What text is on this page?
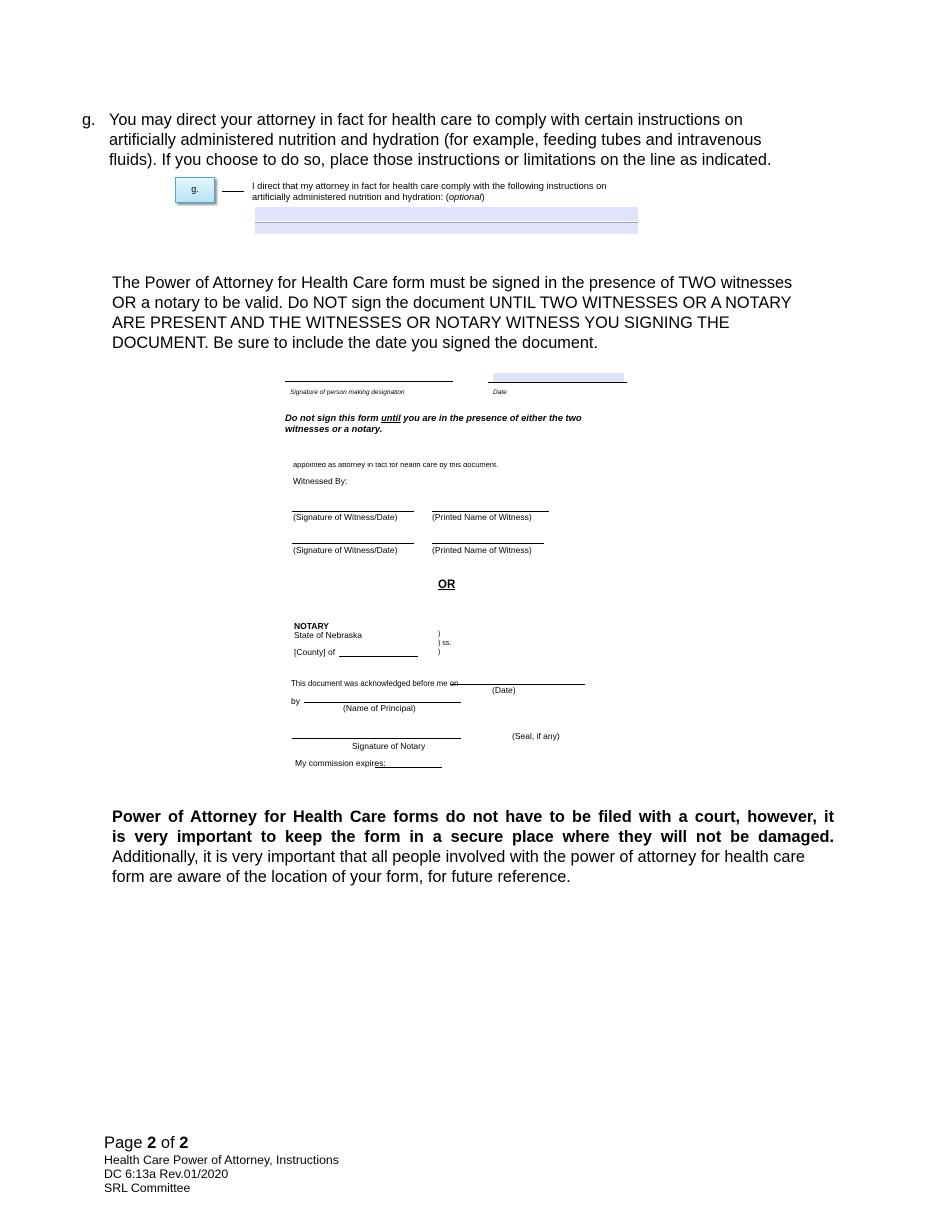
g. You may direct your attorney in fact for health care to comply with certain instructions on
artificially administered nutrition and hydration (for example, feeding tubes and intravenous
fluids). If you choose to do so, place those instructions or limitations on the line as indicated.
g.	I direct that my attorney in fact for health care comply with the following instructions on
artificially administered nutrition and hydration: (optional)
The Power of Attorney for Health Care form must be signed in the presence of TWO witnesses
OR a notary to be valid. Do NOT sign the document UNTIL TWO WITNESSES OR A NOTARY
ARE PRESENT AND THE WITNESSES OR NOTARY WITNESS YOU SIGNING THE
DOCUMENT. Be sure to include the date you signed the document.
Signature of person making designation	Date
Do not sign this form until you are in the presence of either the two
witnesses or a notary.
appointed as attorney in fact for health care by this document.
Witnessed By:
(Signature of Witness/Date)	(Printed Name of Witness)
(Signature of Witness/Date)	(Printed Name of Witness)
OR
NOTARY
State of Nebraska
[County] of
)
) ss.
)
This document was acknowledged before me on
(Date)
by
(Name of Principal)
(Seal, if any)
Signature of Notary
My commission expires:
Power of Attorney for Health Care forms do not have to be filed with a court, however, it
is very important to keep the form in a secure place where they will not be damaged.
Additionally, it is very important that all people involved with the power of attorney for health care
form are aware of the location of your form, for future reference.
Page 2 of 2
Health Care Power of Attorney, Instructions
DC 6:13a Rev.01/2020
SRL Committee
